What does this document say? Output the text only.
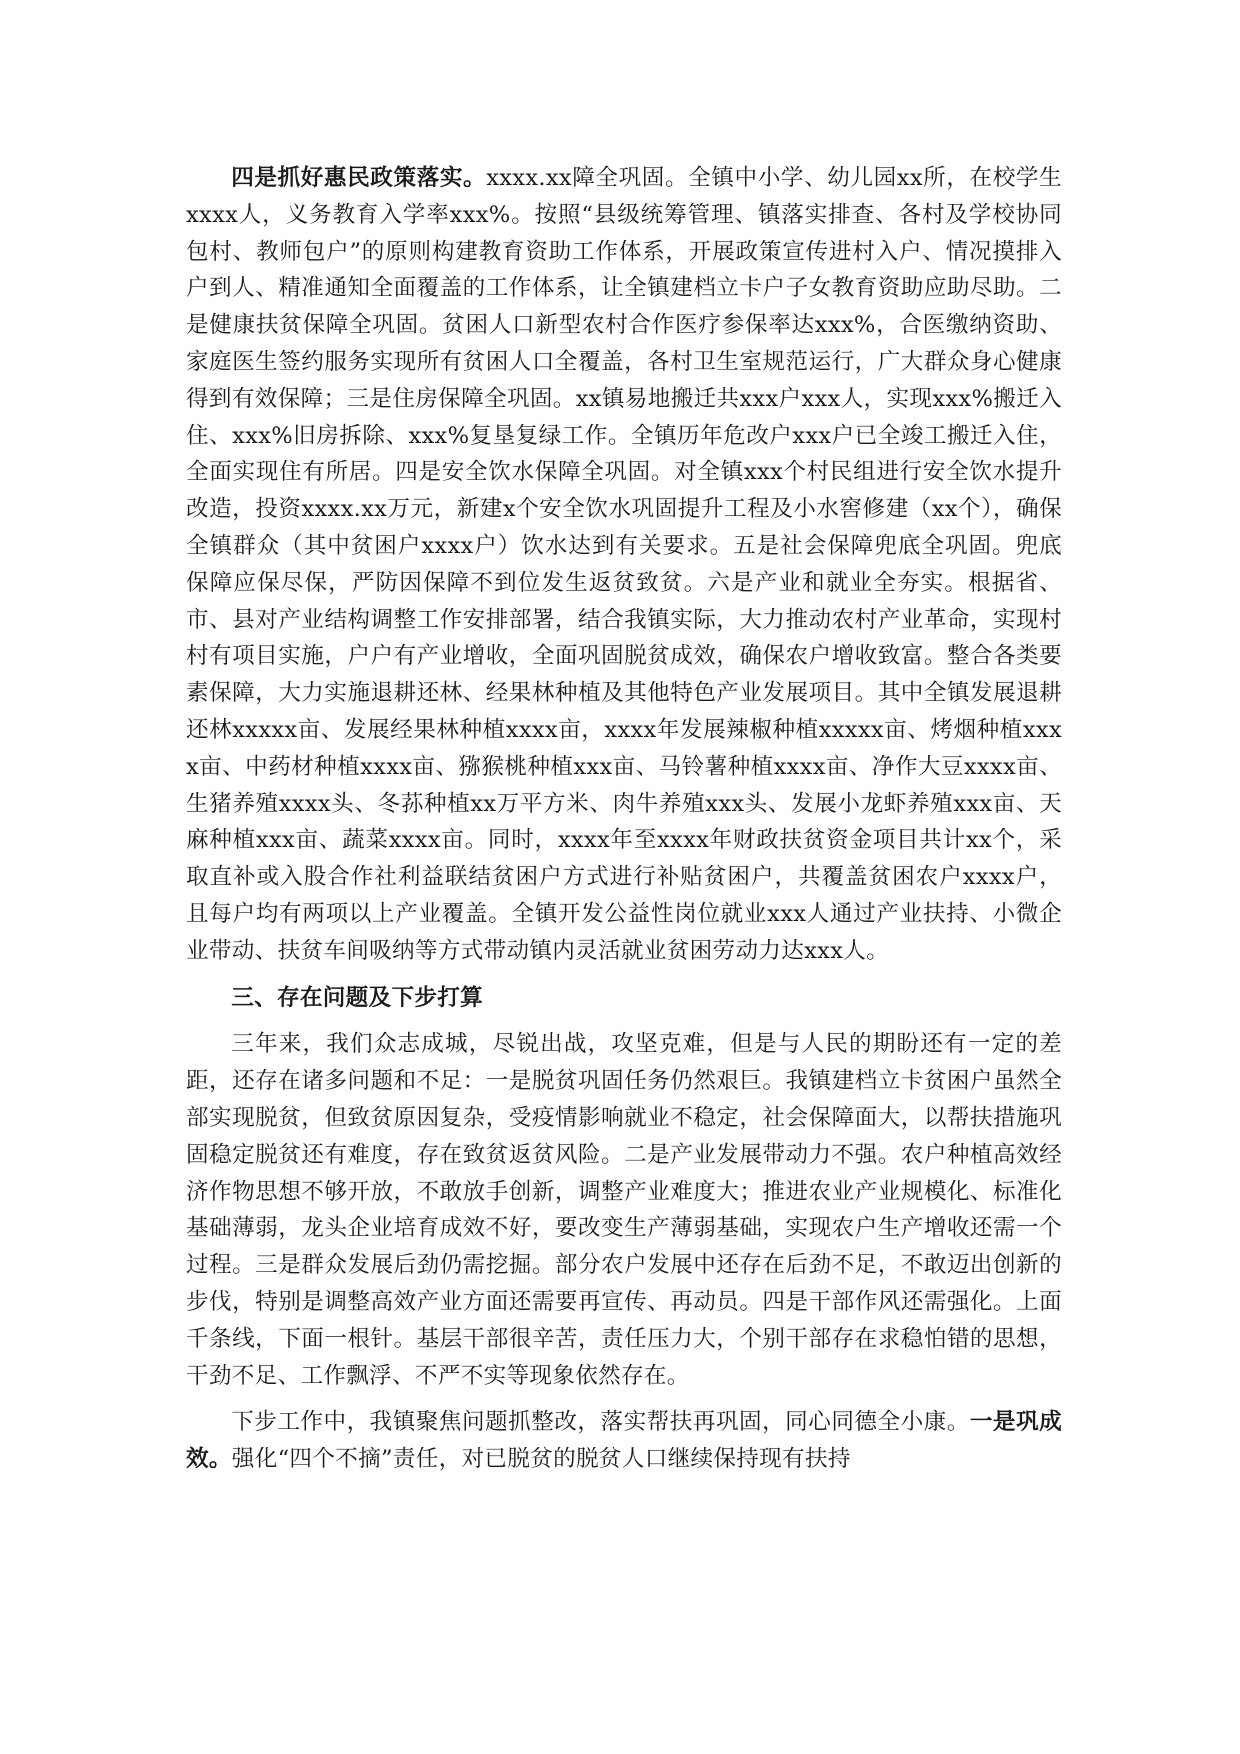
四是抓好惠民政策落实。xxxx.xx障全巩固。全镇中小学、幼儿园xx所，在校学生xxxx人，义务教育入学率xxx%。按照“县级统筹管理、镇落实排查、各村及学校协同包村、教师包户”的原则构建教育资助工作体系，开展政策宣传进村入户、情况摸排入户到人、精准通知全面覆盖的工作体系，让全镇建档立卡户子女教育资助应助尽助。二是健康扶贫保障全巩固。贫困人口新型农村合作医疗参保率达xxx%，合医缴纳资助、家庭医生签约服务实现所有贫困人口全覆盖，各村卫生室规范运行，广大群众身心健康得到有效保障；三是住房保障全巩固。xx镇易地搬迁共xxx户xxx人，实现xxx%搬迁入住、xxx%旧房拆除、xxx%复垦复绿工作。全镇历年危改户xxx户已全竣工搬迁入住，全面实现住有所居。四是安全饮水保障全巩固。对全镇xxx个村民组进行安全饮水提升改造，投资xxxx.xx万元，新建x个安全饮水巩固提升工程及小水窖修建（xx个），确保全镇群众（其中贫困户xxxx户）饮水达到有关要求。五是社会保障兜底全巩固。兜底保障应保尽保，严防因保障不到位发生返贫致贫。六是产业和就业全夯实。根据省、市、县对产业结构调整工作安排部署，结合我镇实际，大力推动农村产业革命，实现村村有项目实施，户户有产业增收，全面巩固脱贫成效，确保农户增收致富。整合各类要素保障，大力实施退耕还林、经果林种植及其他特色产业发展项目。其中全镇发展退耕还林xxxxx亩、发展经果林种植xxxx亩，xxxx年发展辣椒种植xxxxx亩、烤烟种植xxxx亩、中药材种植xxxx亩、猕猴桃种植xxx亩、马铃薯种植xxxx亩、净作大豆xxxx亩、生猪养殖xxxx头、冬荪种植xx万平方米、肉牛养殖xxx头、发展小龙虾养殖xxx亩、天麻种植xxx亩、蔬菜xxxx亩。同时，xxxx年至xxxx年财政扶贫资金项目共计xx个，采取直补或入股合作社利益联结贫困户方式进行补贴贫困户，共覆盖贫困农户xxxx户，且每户均有两项以上产业覆盖。全镇开发公益性岗位就业xxx人通过产业扶持、小微企业带动、扶贫车间吸纳等方式带动镇内灵活就业贫困劳动力达xxx人。

三、存在问题及下步打算

三年来，我们众志成城，尽锐出战，攻坚克难，但是与人民的期盼还有一定的差距，还存在诸多问题和不足：一是脱贫巩固任务仍然艰巨。我镇建档立卡贫困户虽然全部实现脱贫，但致贫原因复杂，受疫情影响就业不稳定，社会保障面大，以帮扶措施巩固稳定脱贫还有难度，存在致贫返贫风险。二是产业发展带动力不强。农户种植高效经济作物思想不够开放，不敢放手创新，调整产业难度大；推进农业产业规模化、标准化基础薄弱，龙头企业培育成效不好，要改变生产薄弱基础，实现农户生产增收还需一个过程。三是群众发展后劲仍需挖掘。部分农户发展中还存在后劲不足，不敢迈出创新的步伐，特别是调整高效产业方面还需要再宣传、再动员。四是干部作风还需强化。上面千条线，下面一根针。基层干部很辛苦，责任压力大，个别干部存在求稳怕错的思想，干劲不足、工作飘浮、不严不实等现象依然存在。

下步工作中，我镇聚焦问题抓整改，落实帮扶再巩固，同心同德全小康。一是巩成效。强化“四个不摘”责任，对已脱贫的脱贫人口继续保持现有扶持
